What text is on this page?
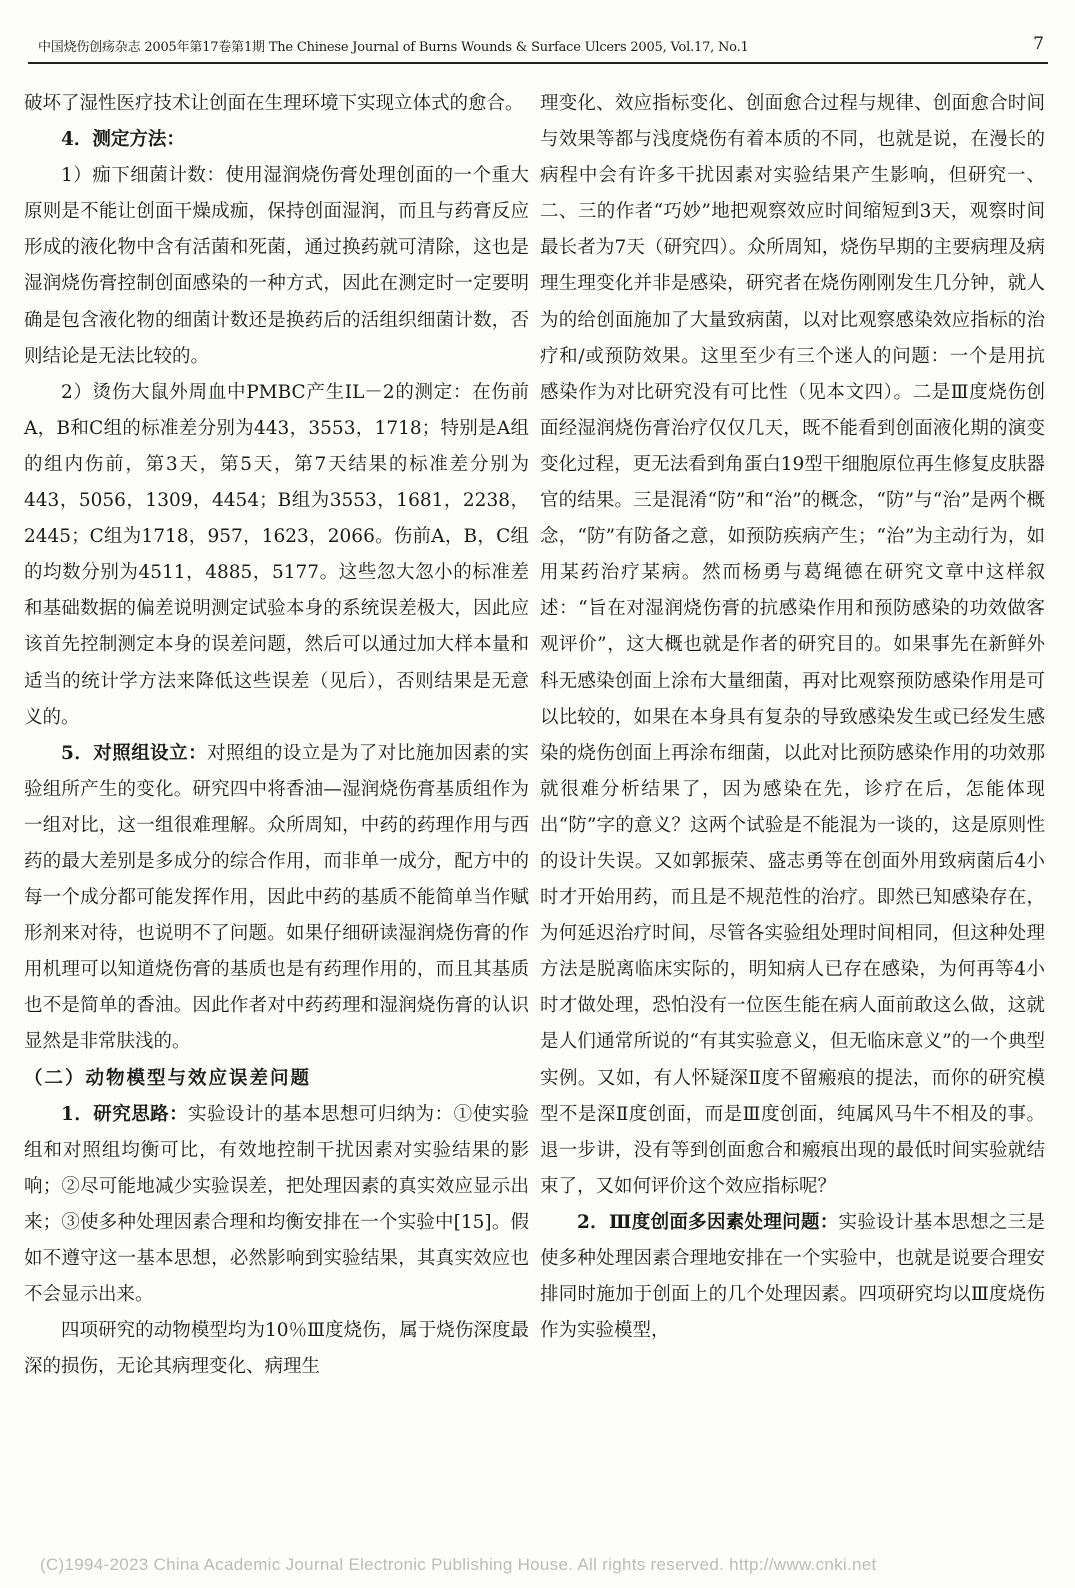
中国烧伤创疡杂志 2005年第17卷第1期 The Chinese Journal of Burns Wounds & Surface Ulcers 2005, Vol.17, No.1	7

破坏了湿性医疗技术让创面在生理环境下实现立体式的愈合。

4．测定方法：

1）痂下细菌计数：使用湿润烧伤膏处理创面的一个重大原则是不能让创面干燥成痂，保持创面湿润，而且与药膏反应形成的液化物中含有活菌和死菌，通过换药就可清除，这也是湿润烧伤膏控制创面感染的一种方式，因此在测定时一定要明确是包含液化物的细菌计数还是换药后的活组织细菌计数，否则结论是无法比较的。

2）烫伤大鼠外周血中PMBC产生IL－2的测定：在伤前A，B和C组的标准差分别为443，3553，1718；特别是A组的组内伤前，第3天，第5天，第7天结果的标准差分别为443，5056，1309，4454；B组为3553，1681，2238，2445；C组为1718，957，1623，2066。伤前A，B，C组的均数分别为4511，4885，5177。这些忽大忽小的标准差和基础数据的偏差说明测定试验本身的系统误差极大，因此应该首先控制测定本身的误差问题，然后可以通过加大样本量和适当的统计学方法来降低这些误差（见后），否则结果是无意义的。

5．对照组设立：对照组的设立是为了对比施加因素的实验组所产生的变化。研究四中将香油—湿润烧伤膏基质组作为一组对比，这一组很难理解。众所周知，中药的药理作用与西药的最大差别是多成分的综合作用，而非单一成分，配方中的每一个成分都可能发挥作用，因此中药的基质不能简单当作赋形剂来对待，也说明不了问题。如果仔细研读湿润烧伤膏的作用机理可以知道烧伤膏的基质也是有药理作用的，而且其基质也不是简单的香油。因此作者对中药药理和湿润烧伤膏的认识显然是非常肤浅的。

（二）动物模型与效应误差问题

1．研究思路：实验设计的基本思想可归纳为：①使实验组和对照组均衡可比，有效地控制干扰因素对实验结果的影响；②尽可能地减少实验误差，把处理因素的真实效应显示出来；③使多种处理因素合理和均衡安排在一个实验中[15]。假如不遵守这一基本思想，必然影响到实验结果，其真实效应也不会显示出来。

四项研究的动物模型均为10％Ⅲ度烧伤，属于烧伤深度最深的损伤，无论其病理变化、病理生

理变化、效应指标变化、创面愈合过程与规律、创面愈合时间与效果等都与浅度烧伤有着本质的不同，也就是说，在漫长的病程中会有许多干扰因素对实验结果产生影响，但研究一、二、三的作者“巧妙”地把观察效应时间缩短到3天，观察时间最长者为7天（研究四）。众所周知，烧伤早期的主要病理及病理生理变化并非是感染，研究者在烧伤刚刚发生几分钟，就人为的给创面施加了大量致病菌，以对比观察感染效应指标的治疗和/或预防效果。这里至少有三个迷人的问题：一个是用抗感染作为对比研究没有可比性（见本文四）。二是Ⅲ度烧伤创面经湿润烧伤膏治疗仅仅几天，既不能看到创面液化期的演变变化过程，更无法看到角蛋白19型干细胞原位再生修复皮肤器官的结果。三是混淆“防”和“治”的概念，“防”与“治”是两个概念，“防”有防备之意，如预防疾病产生；“治”为主动行为，如用某药治疗某病。然而杨勇与葛绳德在研究文章中这样叙述：“旨在对湿润烧伤膏的抗感染作用和预防感染的功效做客观评价”，这大概也就是作者的研究目的。如果事先在新鲜外科无感染创面上涂布大量细菌，再对比观察预防感染作用是可以比较的，如果在本身具有复杂的导致感染发生或已经发生感染的烧伤创面上再涂布细菌，以此对比预防感染作用的功效那就很难分析结果了，因为感染在先，诊疗在后，怎能体现出“防”字的意义？这两个试验是不能混为一谈的，这是原则性的设计失误。又如郭振荣、盛志勇等在创面外用致病菌后4小时才开始用药，而且是不规范性的治疗。即然已知感染存在，为何延迟治疗时间，尽管各实验组处理时间相同，但这种处理方法是脱离临床实际的，明知病人已存在感染，为何再等4小时才做处理，恐怕没有一位医生能在病人面前敢这么做，这就是人们通常所说的“有其实验意义，但无临床意义”的一个典型实例。又如，有人怀疑深Ⅱ度不留瘢痕的提法，而你的研究模型不是深Ⅱ度创面，而是Ⅲ度创面，纯属风马牛不相及的事。退一步讲，没有等到创面愈合和瘢痕出现的最低时间实验就结束了，又如何评价这个效应指标呢？

2．Ⅲ度创面多因素处理问题：实验设计基本思想之三是使多种处理因素合理地安排在一个实验中，也就是说要合理安排同时施加于创面上的几个处理因素。四项研究均以Ⅲ度烧伤作为实验模型，

(C)1994-2023 China Academic Journal Electronic Publishing House. All rights reserved. http://www.cnki.net
